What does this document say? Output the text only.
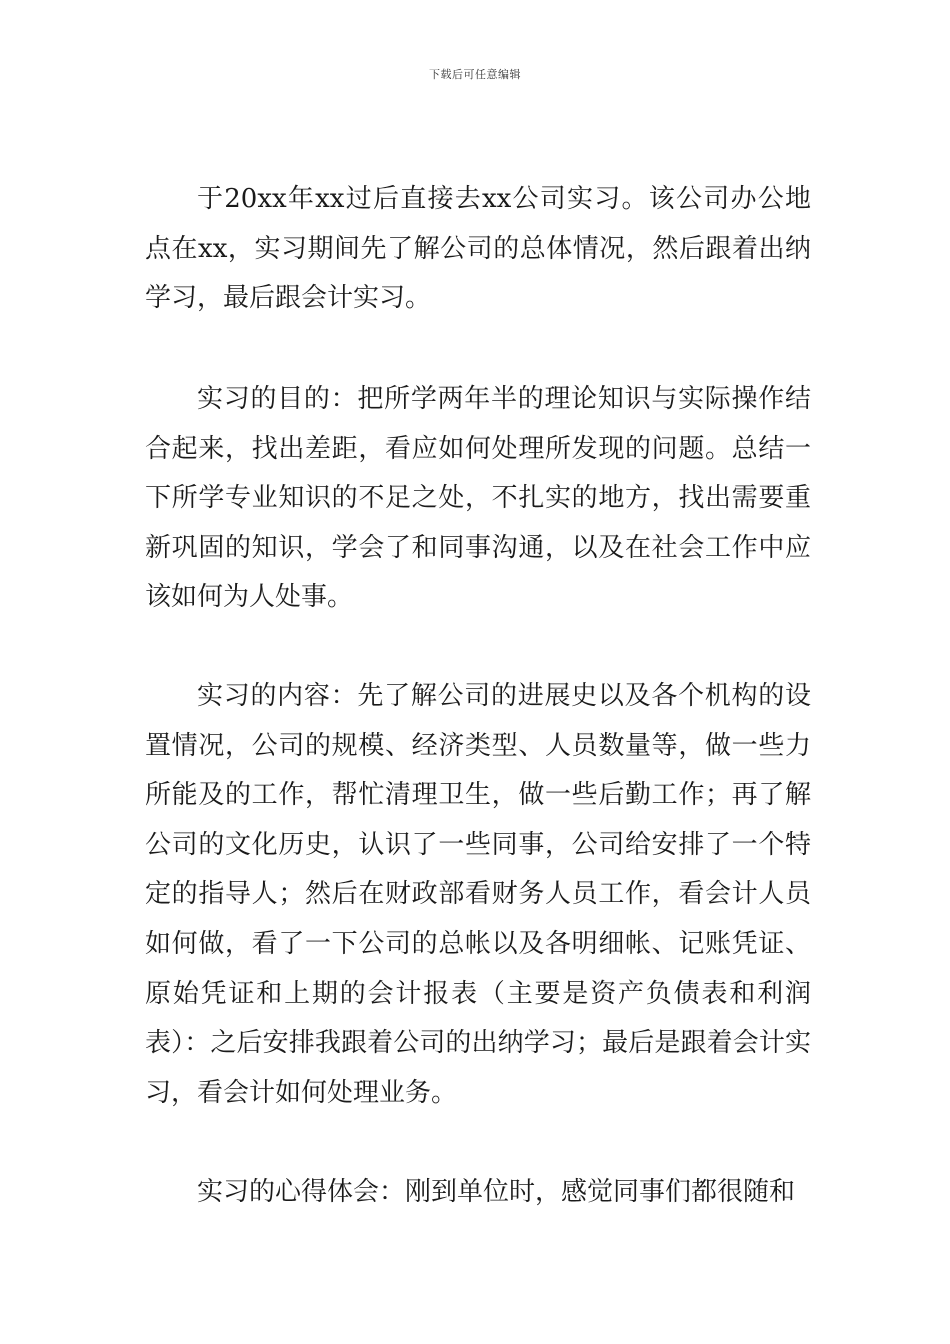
下载后可任意编辑

于20xx年xx过后直接去xx公司实习。该公司办公地点在xx，实习期间先了解公司的总体情况，然后跟着出纳学习，最后跟会计实习。

实习的目的：把所学两年半的理论知识与实际操作结合起来，找出差距，看应如何处理所发现的问题。总结一下所学专业知识的不足之处，不扎实的地方，找出需要重新巩固的知识，学会了和同事沟通，以及在社会工作中应该如何为人处事。

实习的内容：先了解公司的进展史以及各个机构的设置情况，公司的规模、经济类型、人员数量等，做一些力所能及的工作，帮忙清理卫生，做一些后勤工作；再了解公司的文化历史，认识了一些同事，公司给安排了一个特定的指导人；然后在财政部看财务人员工作，看会计人员如何做，看了一下公司的总帐以及各明细帐、记账凭证、原始凭证和上期的会计报表（主要是资产负债表和利润表）：之后安排我跟着公司的出纳学习；最后是跟着会计实习，看会计如何处理业务。

实习的心得体会：刚到单位时，感觉同事们都很随和
